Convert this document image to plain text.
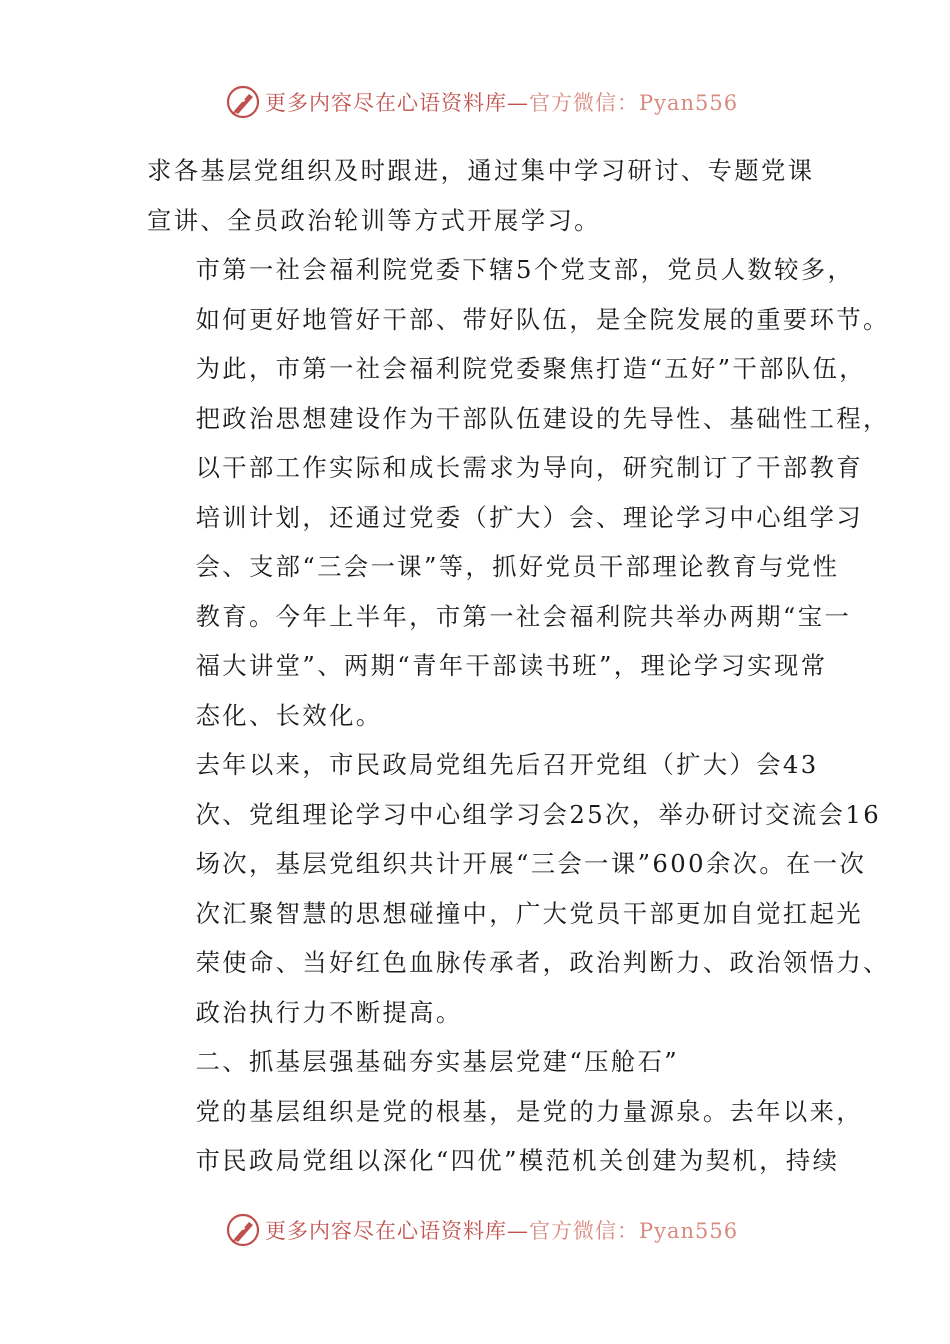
更多内容尽在心语资料库—官方微信：Pyan556

求各基层党组织及时跟进，通过集中学习研讨、专题党课
宣讲、全员政治轮训等方式开展学习。

市第一社会福利院党委下辖5个党支部，党员人数较多，
如何更好地管好干部、带好队伍，是全院发展的重要环节。
为此，市第一社会福利院党委聚焦打造“五好”干部队伍，
把政治思想建设作为干部队伍建设的先导性、基础性工程，
以干部工作实际和成长需求为导向，研究制订了干部教育
培训计划，还通过党委（扩大）会、理论学习中心组学习
会、支部“三会一课”等，抓好党员干部理论教育与党性
教育。今年上半年，市第一社会福利院共举办两期“宝一
福大讲堂”、两期“青年干部读书班”，理论学习实现常
态化、长效化。

去年以来，市民政局党组先后召开党组（扩大）会43
次、党组理论学习中心组学习会25次，举办研讨交流会16
场次，基层党组织共计开展“三会一课”600余次。在一次
次汇聚智慧的思想碰撞中，广大党员干部更加自觉扛起光
荣使命、当好红色血脉传承者，政治判断力、政治领悟力、
政治执行力不断提高。

二、抓基层强基础夯实基层党建“压舱石”

党的基层组织是党的根基，是党的力量源泉。去年以来，
市民政局党组以深化“四优”模范机关创建为契机，持续

更多内容尽在心语资料库—官方微信：Pyan556
